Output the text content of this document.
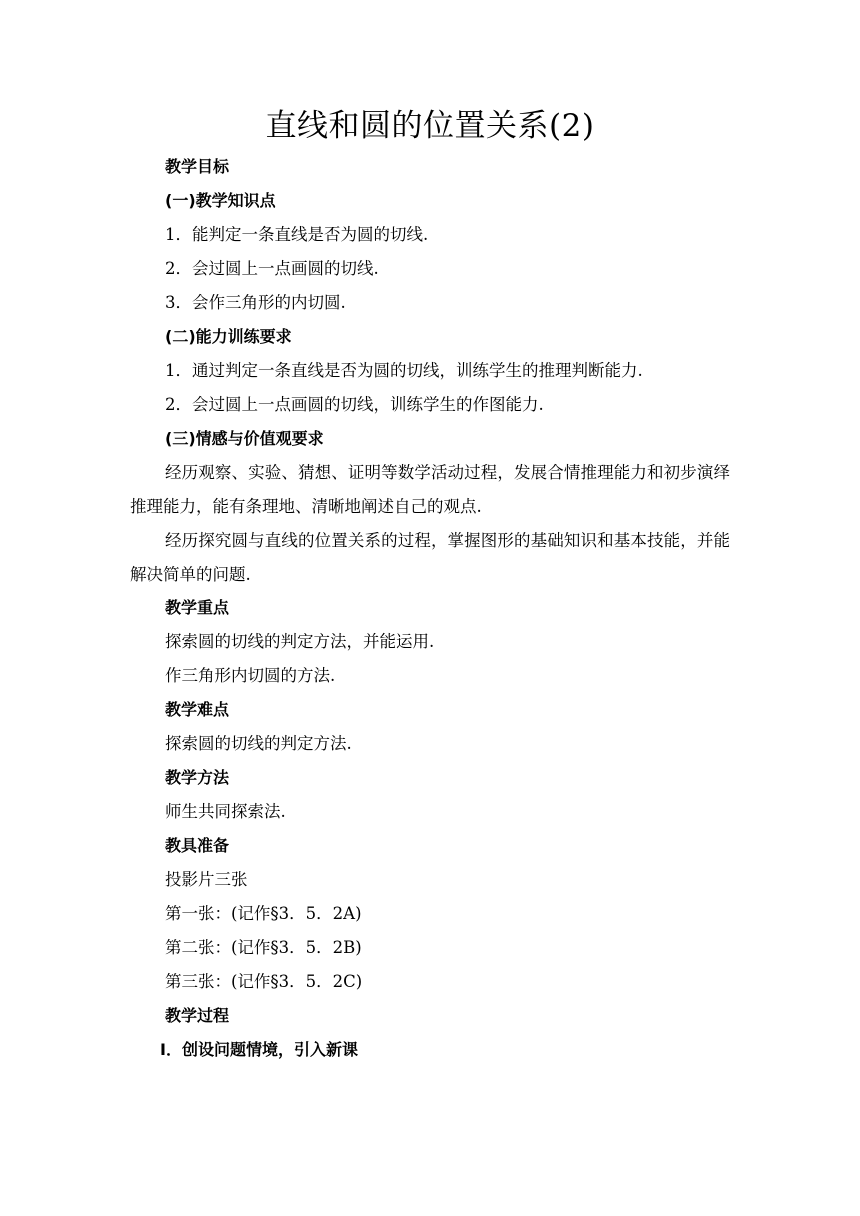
直线和圆的位置关系(2)
教学目标
(一)教学知识点
1．能判定一条直线是否为圆的切线.
2．会过圆上一点画圆的切线.
3．会作三角形的内切圆.
(二)能力训练要求
1．通过判定一条直线是否为圆的切线，训练学生的推理判断能力.
2．会过圆上一点画圆的切线，训练学生的作图能力.
(三)情感与价值观要求
经历观察、实验、猜想、证明等数学活动过程，发展合情推理能力和初步演绎推理能力，能有条理地、清晰地阐述自己的观点.
经历探究圆与直线的位置关系的过程，掌握图形的基础知识和基本技能，并能解决简单的问题.
教学重点
探索圆的切线的判定方法，并能运用.
作三角形内切圆的方法.
教学难点
探索圆的切线的判定方法.
教学方法
师生共同探索法.
教具准备
投影片三张
第一张：(记作§3．5．2A)
第二张：(记作§3．5．2B)
第三张：(记作§3．5．2C)
教学过程
Ⅰ．创设问题情境，引入新课
